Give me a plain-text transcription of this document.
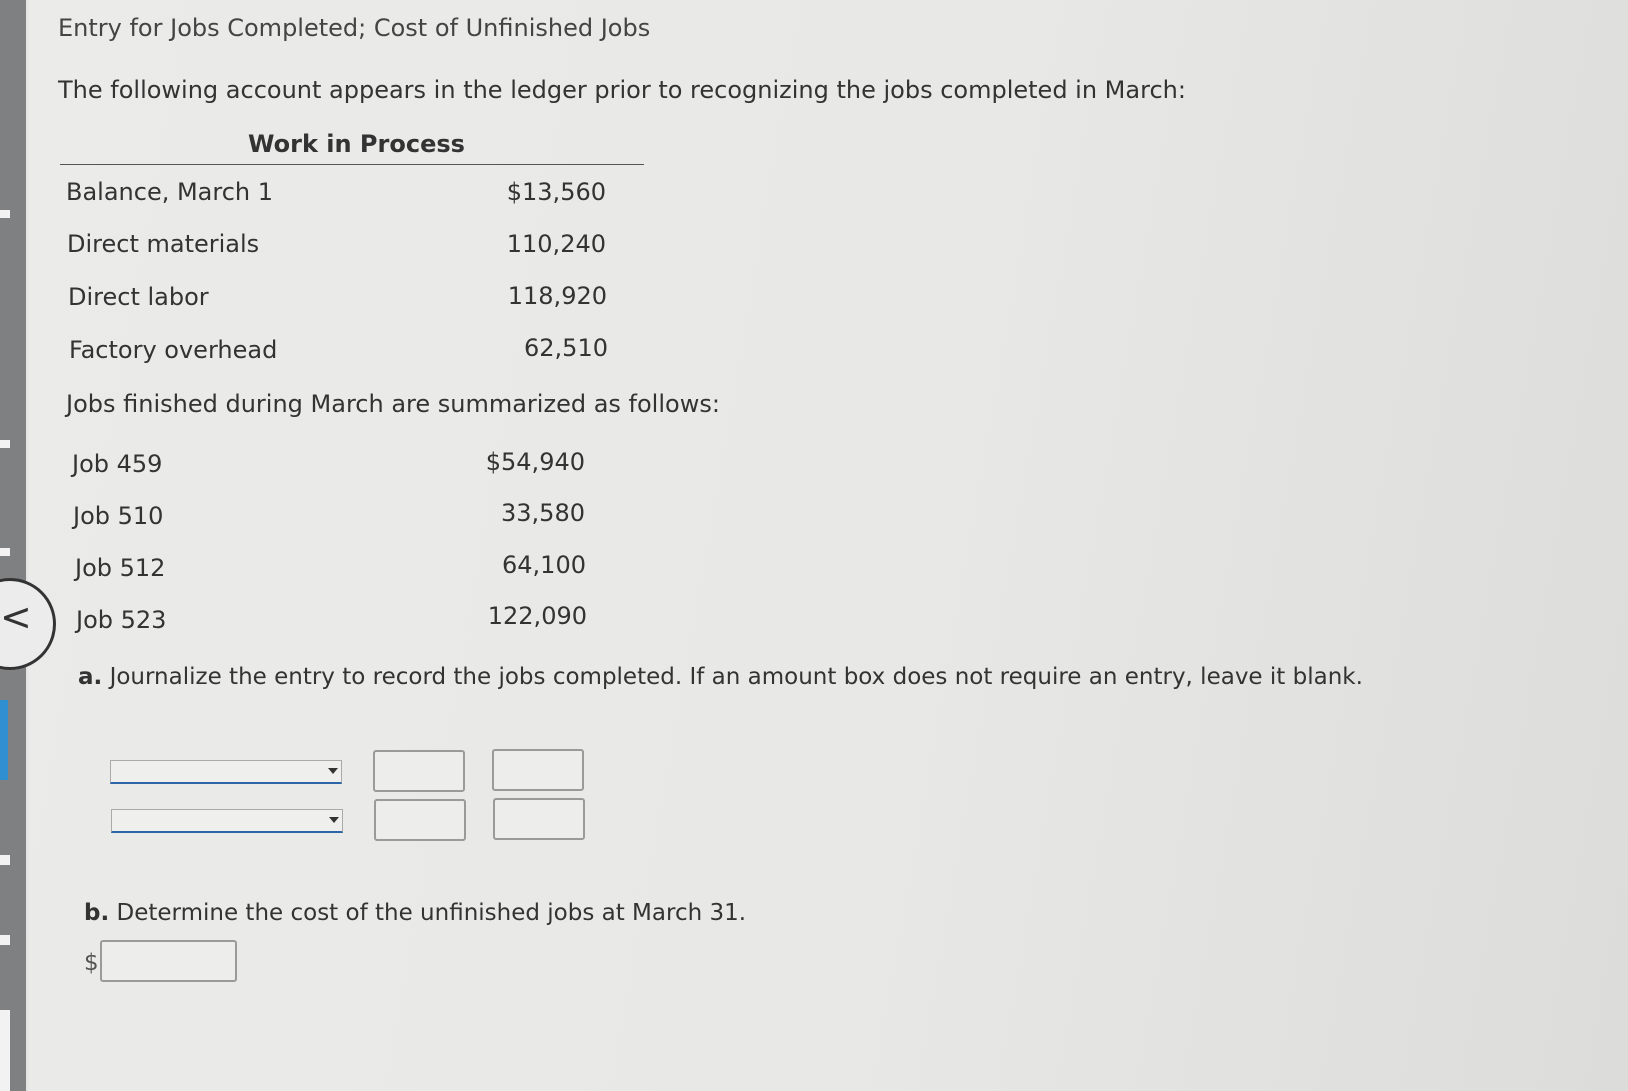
Entry for Jobs Completed; Cost of Unfinished Jobs
The following account appears in the ledger prior to recognizing the jobs completed in March:
Work in Process
Balance, March 1	$13,560
Direct materials	110,240
Direct labor	118,920
Factory overhead	62,510
Jobs finished during March are summarized as follows:
Job 459	$54,940
Job 510	33,580
Job 512	64,100
Job 523	122,090
a. Journalize the entry to record the jobs completed. If an amount box does not require an entry, leave it blank.
b. Determine the cost of the unfinished jobs at March 31.
$
<
